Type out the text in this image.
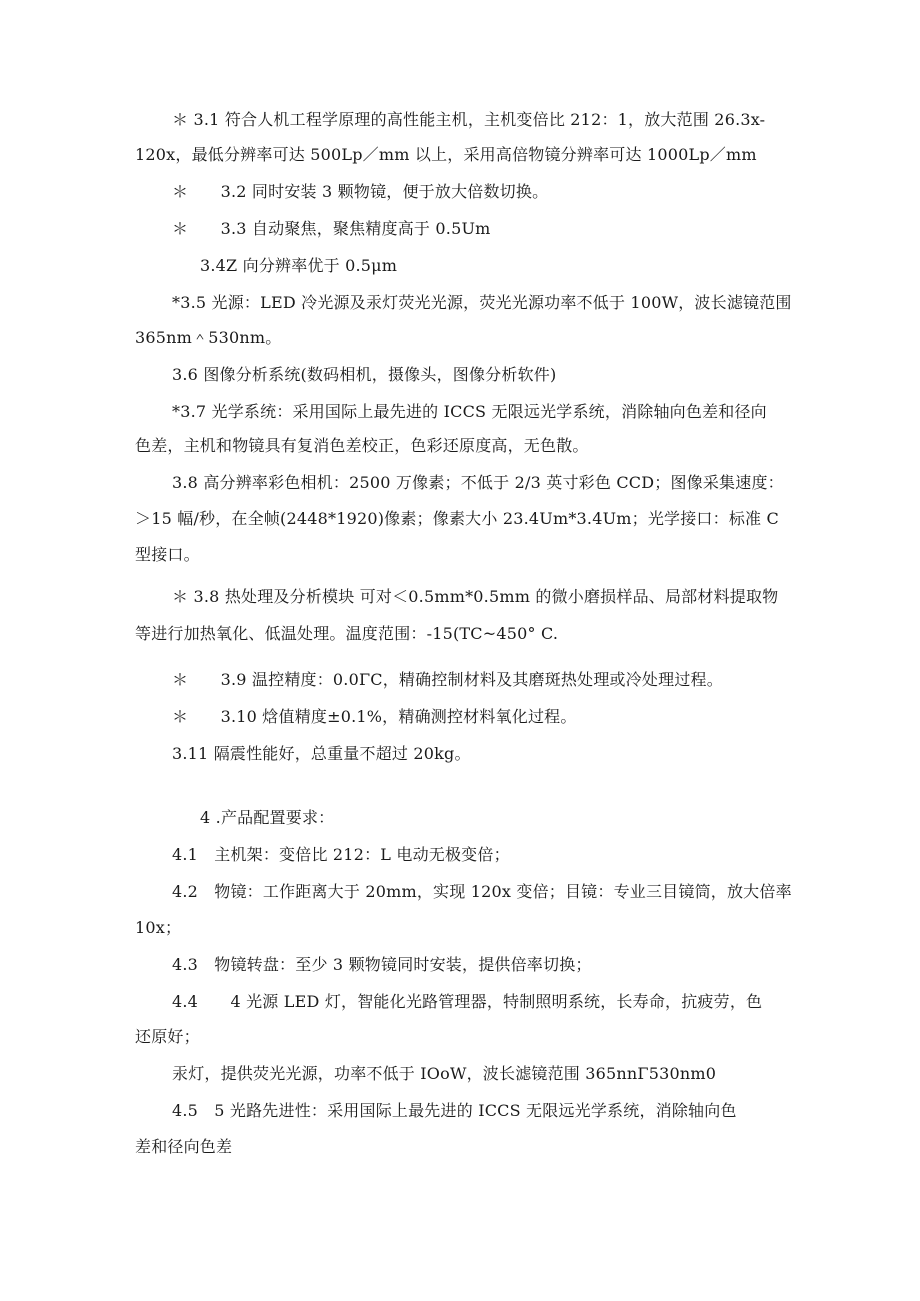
＊ 3.1 符合人机工程学原理的高性能主机，主机变倍比 212：1，放大范围 26.3x-
120x，最低分辨率可达 500Lp／mm 以上，采用高倍物镜分辨率可达 1000Lp／mm
＊　　3.2 同时安装 3 颗物镜，便于放大倍数切换。
＊　　3.3 自动聚焦，聚焦精度高于 0.5Um
3.4Z 向分辨率优于 0.5μm
*3.5 光源：LED 冷光源及汞灯荧光光源，荧光光源功率不低于 100W，波长滤镜范围
365nm＾530nm。
3.6 图像分析系统(数码相机，摄像头，图像分析软件)
*3.7 光学系统：采用国际上最先进的 ICCS 无限远光学系统，消除轴向色差和径向
色差，主机和物镜具有复消色差校正，色彩还原度高，无色散。
3.8 高分辨率彩色相机：2500 万像素；不低于 2/3 英寸彩色 CCD；图像采集速度：
＞15 幅/秒，在全帧(2448*1920)像素；像素大小 23.4Um*3.4Um；光学接口：标准 C
型接口。
＊ 3.8 热处理及分析模块 可对＜0.5mm*0.5mm 的微小磨损样品、局部材料提取物
等进行加热氧化、低温处理。温度范围：-15(TC~450° C.
＊　　3.9 温控精度：0.0ΓC，精确控制材料及其磨斑热处理或冷处理过程。
＊　　3.10 焓值精度±0.1%，精确测控材料氧化过程。
3.11 隔震性能好，总重量不超过 20kg。
4 .产品配置要求：
4.1　主机架：变倍比 212：L 电动无极变倍；
4.2　物镜：工作距离大于 20mm，实现 120x 变倍；目镜：专业三目镜筒，放大倍率
10x；
4.3　物镜转盘：至少 3 颗物镜同时安装，提供倍率切换；
4.4　　4 光源 LED 灯，智能化光路管理器，特制照明系统，长寿命，抗疲劳，色
还原好；
汞灯，提供荧光光源，功率不低于 IOoW，波长滤镜范围 365nnΓ530nm0
4.5　5 光路先进性：采用国际上最先进的 ICCS 无限远光学系统，消除轴向色
差和径向色差
